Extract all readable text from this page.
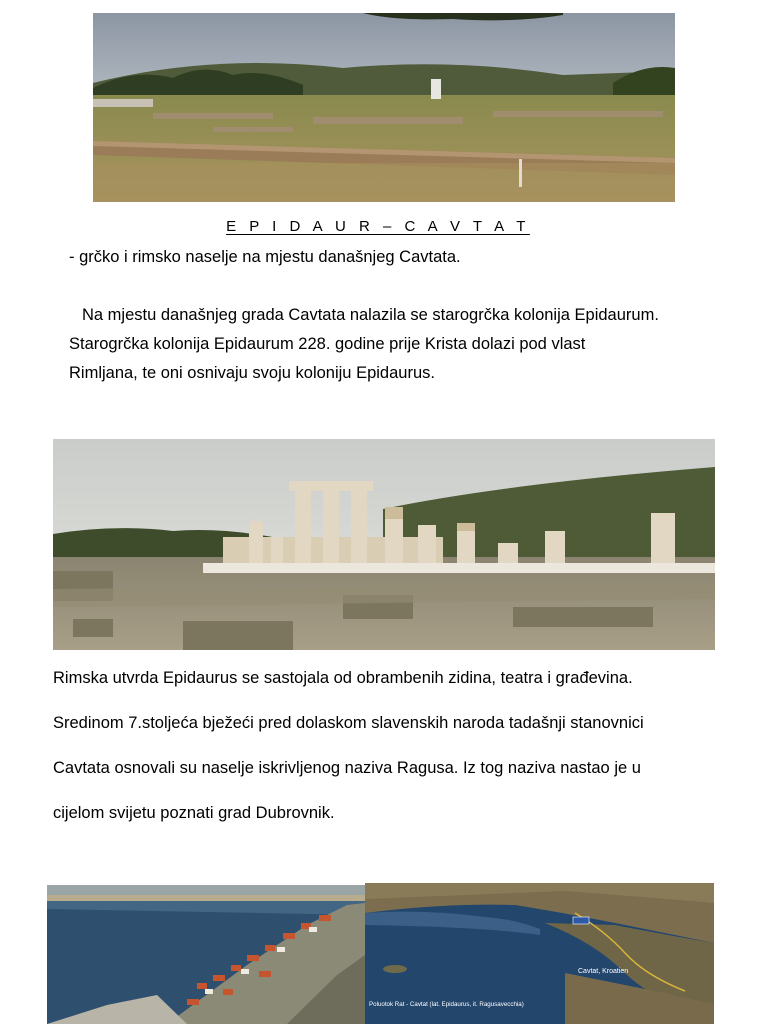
E P I D A U R – C A V T A T
- grčko i rimsko naselje na mjestu današnjeg Cavtata.
Na mjestu današnjeg grada Cavtata nalazila se starogrčka kolonija Epidaurum.
Starogrčka kolonija Epidaurum 228. godine prije Krista dolazi pod vlast
Rimljana, te oni osnivaju svoju koloniju Epidaurus.
Rimska utvrda Epidaurus se sastojala od obrambenih zidina, teatra i građevina.
Sredinom 7.stoljeća bježeći pred dolaskom slavenskih naroda tadašnji stanovnici
Cavtata osnovali su naselje iskrivljenog naziva Ragusa. Iz tog naziva nastao je u
cijelom svijetu poznati grad Dubrovnik.
Cavtat, Kroatien
Poluotok Rat - Cavtat (lat. Epidaurus, it. Ragusavecchia)
